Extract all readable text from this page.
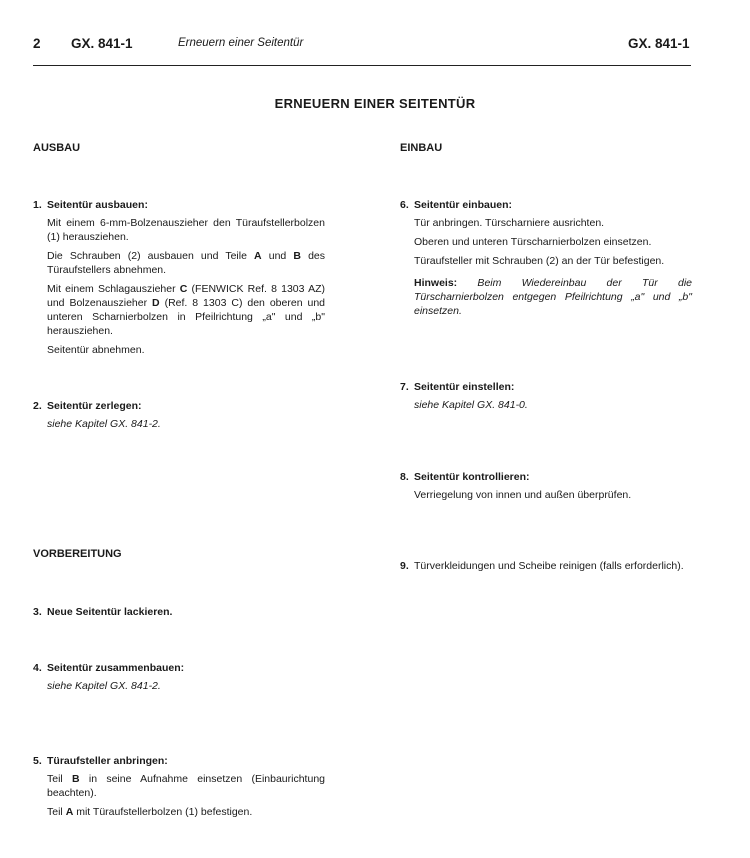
2 GX. 841-1	Erneuern einer Seitentür	GX. 841-1
ERNEUERN EINER SEITENTÜR
AUSBAU
1. Seitentür ausbauen:
Mit einem 6-mm-Bolzenauszieher den Türaufstellerbolzen (1) herausziehen.
Die Schrauben (2) ausbauen und Teile A und B des Türaufstellers abnehmen.
Mit einem Schlagauszieher C (FENWICK Ref. 8 1303 AZ) und Bolzenauszieher D (Ref. 8 1303 C) den oberen und unteren Scharnierbolzen in Pfeilrichtung „a" und „b" herausziehen.
Seitentür abnehmen.
2. Seitentür zerlegen:
siehe Kapitel GX. 841-2.
VORBEREITUNG
3. Neue Seitentür lackieren.
4. Seitentür zusammenbauen:
siehe Kapitel GX. 841-2.
5. Türaufsteller anbringen:
Teil B in seine Aufnahme einsetzen (Einbaurichtung beachten).
Teil A mit Türaufstellerbolzen (1) befestigen.
EINBAU
6. Seitentür einbauen:
Tür anbringen. Türscharniere ausrichten.
Oberen und unteren Türscharnierbolzen einsetzen.
Türaufsteller mit Schrauben (2) an der Tür befestigen.
Hinweis: Beim Wiedereinbau der Tür die Türscharnierbolzen entgegen Pfeilrichtung „a" und „b" einsetzen.
7. Seitentür einstellen:
siehe Kapitel GX. 841-0.
8. Seitentür kontrollieren:
Verriegelung von innen und außen überprüfen.
9. Türverkleidungen und Scheibe reinigen (falls erforderlich).
